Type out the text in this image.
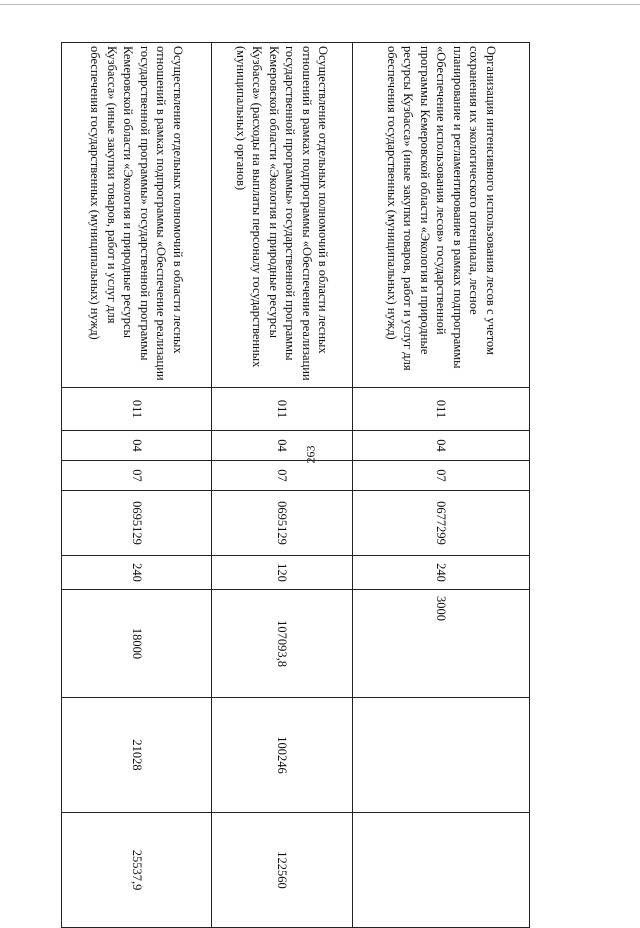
263
Организация интенсивного использования лесов с учетом сохранения их экологического потенциала, лесное планирование и регламентирование в рамках подпрограммы «Обеспечение использования лесов» государственной программы Кемеровской области «Экология и природные ресурсы Кузбасса» (иные закупки товаров, работ и услуг для обеспечения государственных (муниципальных) нужд)	011	04	07	0677299	240	3000		
Осуществление отдельных полномочий в области лесных отношений в рамках подпрограммы «Обеспечение реализации государственной программы» государственной программы Кемеровской области «Экология и природные ресурсы Кузбасса» (расходы на выплаты персоналу государственных (муниципальных) органов)	011	04	07	0695129	120	107093,8	100246	122560
Осуществление отдельных полномочий в области лесных отношений в рамках подпрограммы «Обеспечение реализации государственной программы» государственной программы Кемеровской области «Экология и природные ресурсы Кузбасса» (иные закупки товаров, работ и услуг для обеспечения государственных (муниципальных) нужд)	011	04	07	0695129	240	18000	21028	25537,9
